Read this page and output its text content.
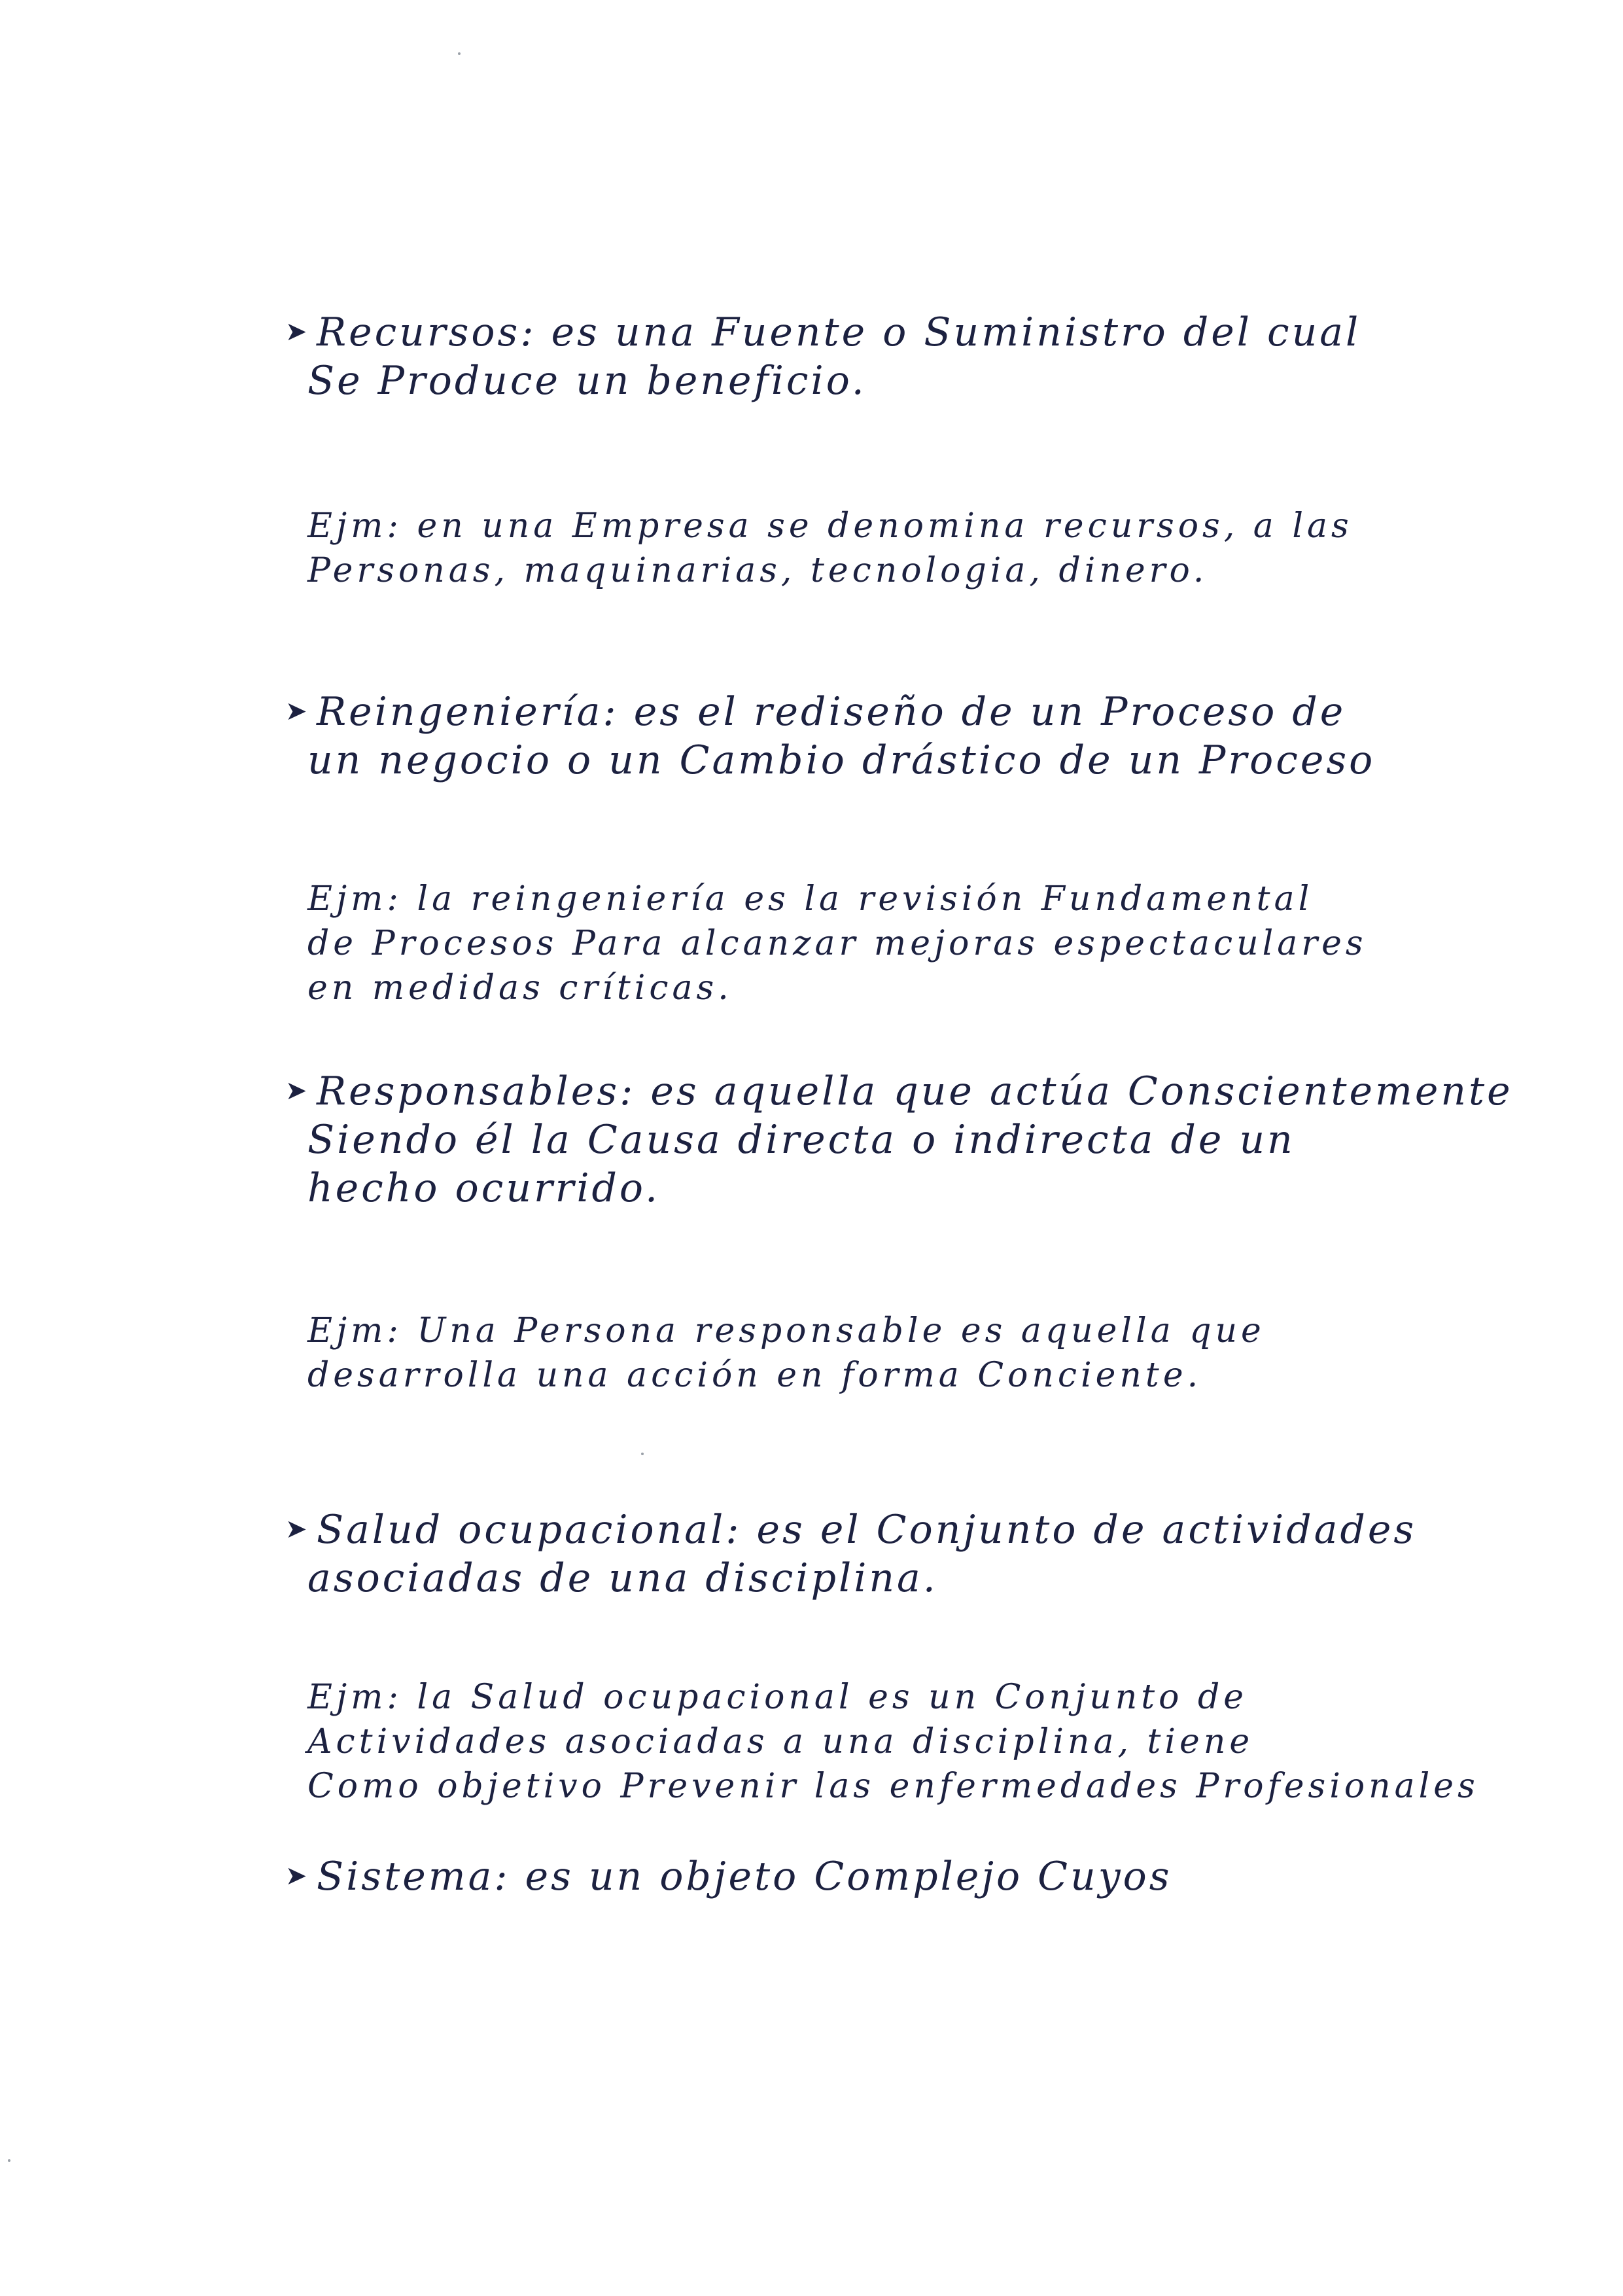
➤ Recursos: es una Fuente o Suministro del cual
Se Produce un beneficio.
Ejm: en una Empresa se denomina recursos, a las
Personas, maquinarias, tecnologia, dinero.
➤ Reingeniería: es el rediseño de un Proceso de
un negocio o un Cambio drástico de un Proceso
Ejm: la reingeniería es la revisión Fundamental
de Procesos Para alcanzar mejoras espectaculares
en medidas críticas.
➤ Responsables: es aquella que actúa Conscientemente
Siendo él la Causa directa o indirecta de un
hecho ocurrido.
Ejm: Una Persona responsable es aquella que
desarrolla una acción en forma Conciente.
➤ Salud ocupacional: es el Conjunto de actividades
asociadas de una disciplina.
Ejm: la Salud ocupacional es un Conjunto de
Actividades asociadas a una disciplina, tiene
Como objetivo Prevenir las enfermedades Profesionales
➤ Sistema: es un objeto Complejo Cuyos
